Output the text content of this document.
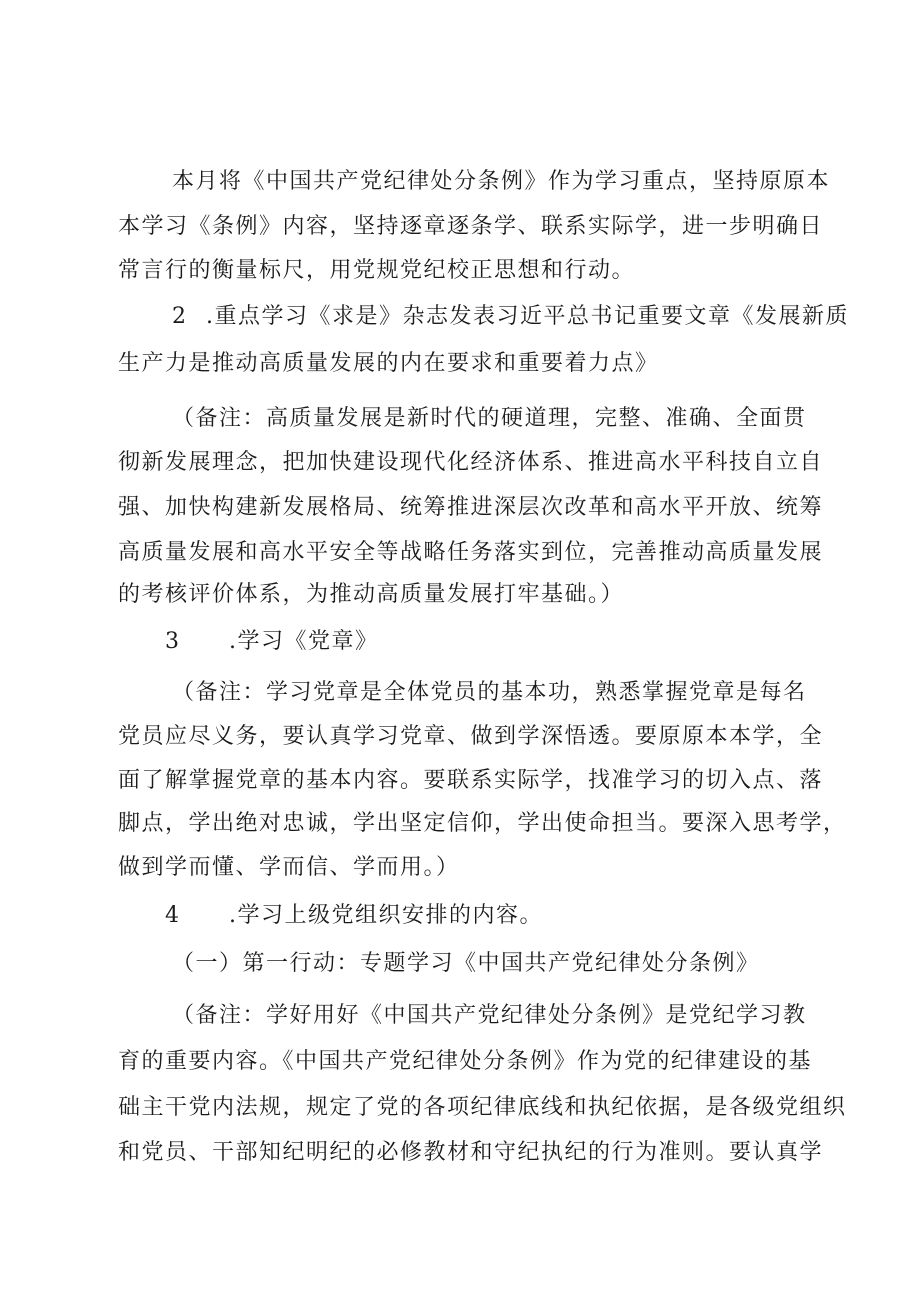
本月将《中国共产党纪律处分条例》作为学习重点，坚持原原本
本学习《条例》内容，坚持逐章逐条学、联系实际学，进一步明确日
常言行的衡量标尺，用党规党纪校正思想和行动。
2 .重点学习《求是》杂志发表习近平总书记重要文章《发展新质
生产力是推动高质量发展的内在要求和重要着力点》
（备注：高质量发展是新时代的硬道理，完整、准确、全面贯
彻新发展理念，把加快建设现代化经济体系、推进高水平科技自立自
强、加快构建新发展格局、统筹推进深层次改革和高水平开放、统筹
高质量发展和高水平安全等战略任务落实到位，完善推动高质量发展
的考核评价体系，为推动高质量发展打牢基础。）
3 .学习《党章》
（备注：学习党章是全体党员的基本功，熟悉掌握党章是每名
党员应尽义务，要认真学习党章、做到学深悟透。要原原本本学，全
面了解掌握党章的基本内容。要联系实际学，找准学习的切入点、落
脚点，学出绝对忠诚，学出坚定信仰，学出使命担当。要深入思考学，
做到学而懂、学而信、学而用。）
4 .学习上级党组织安排的内容。
（一）第一行动：专题学习《中国共产党纪律处分条例》
（备注：学好用好《中国共产党纪律处分条例》是党纪学习教
育的重要内容。《中国共产党纪律处分条例》作为党的纪律建设的基
础主干党内法规，规定了党的各项纪律底线和执纪依据，是各级党组织
和党员、干部知纪明纪的必修教材和守纪执纪的行为准则。要认真学
